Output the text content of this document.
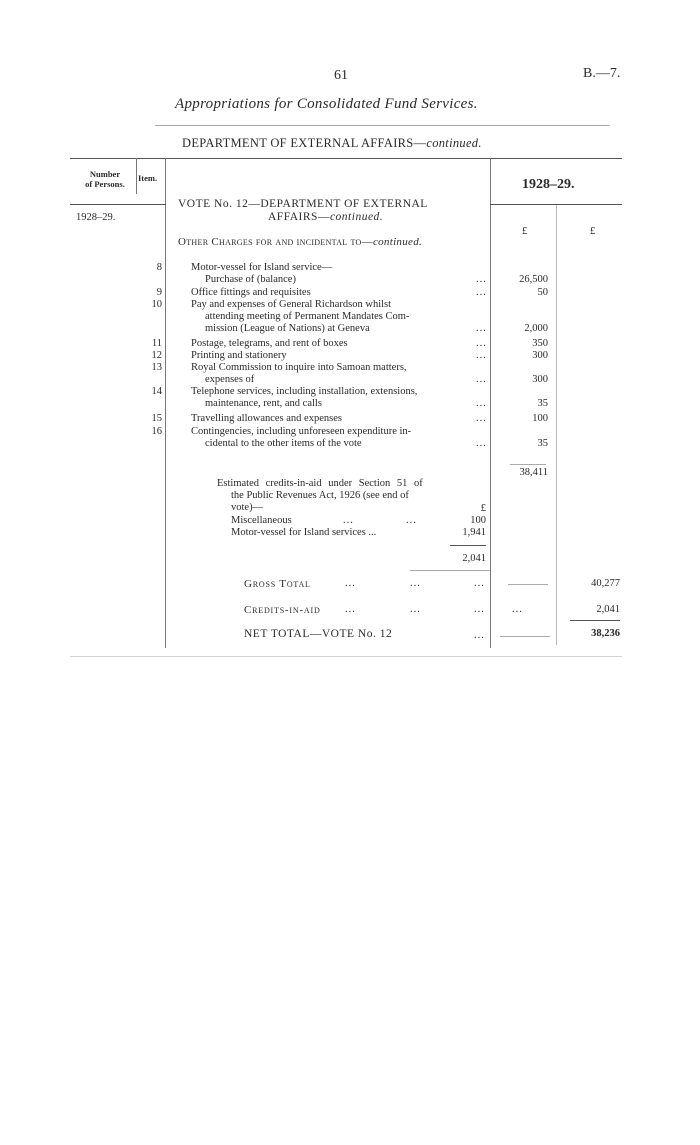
61	B.—7.
Appropriations for Consolidated Fund Services.
DEPARTMENT OF EXTERNAL AFFAIRS—continued.
Number
of Persons.
Item.	1928–29.
1928–29.
£	£
VOTE No. 12—DEPARTMENT OF EXTERNAL
AFFAIRS—continued.
Other Charges for and incidental to—continued.
8	Motor-vessel for Island service—
Purchase of (balance)	26,500
...
9	Office fittings and requisites	50
...
10	Pay and expenses of General Richardson whilst
attending meeting of Permanent Mandates Com-
mission (League of Nations) at Geneva	2,000
...
11	Postage, telegrams, and rent of boxes	350
...
12	Printing and stationery	300
...
13	Royal Commission to inquire into Samoan matters,
expenses of	300
...
14	Telephone services, including installation, extensions,
maintenance, rent, and calls	35
...
15	Travelling allowances and expenses	100
...
16	Contingencies, including unforeseen expenditure in-
cidental to the other items of the vote	35
...
38,411
Estimated credits-in-aid under Section 51 of
the Public Revenues Act, 1926 (see end of
vote)—	£
Miscellaneous	...	...	100
Motor-vessel for Island services ...	1,941
2,041
Gross Total	...	...	...	40,277
Credits-in-aid ...	...	...	...	2,041
NET TOTAL—VOTE No. 12	...	38,236
